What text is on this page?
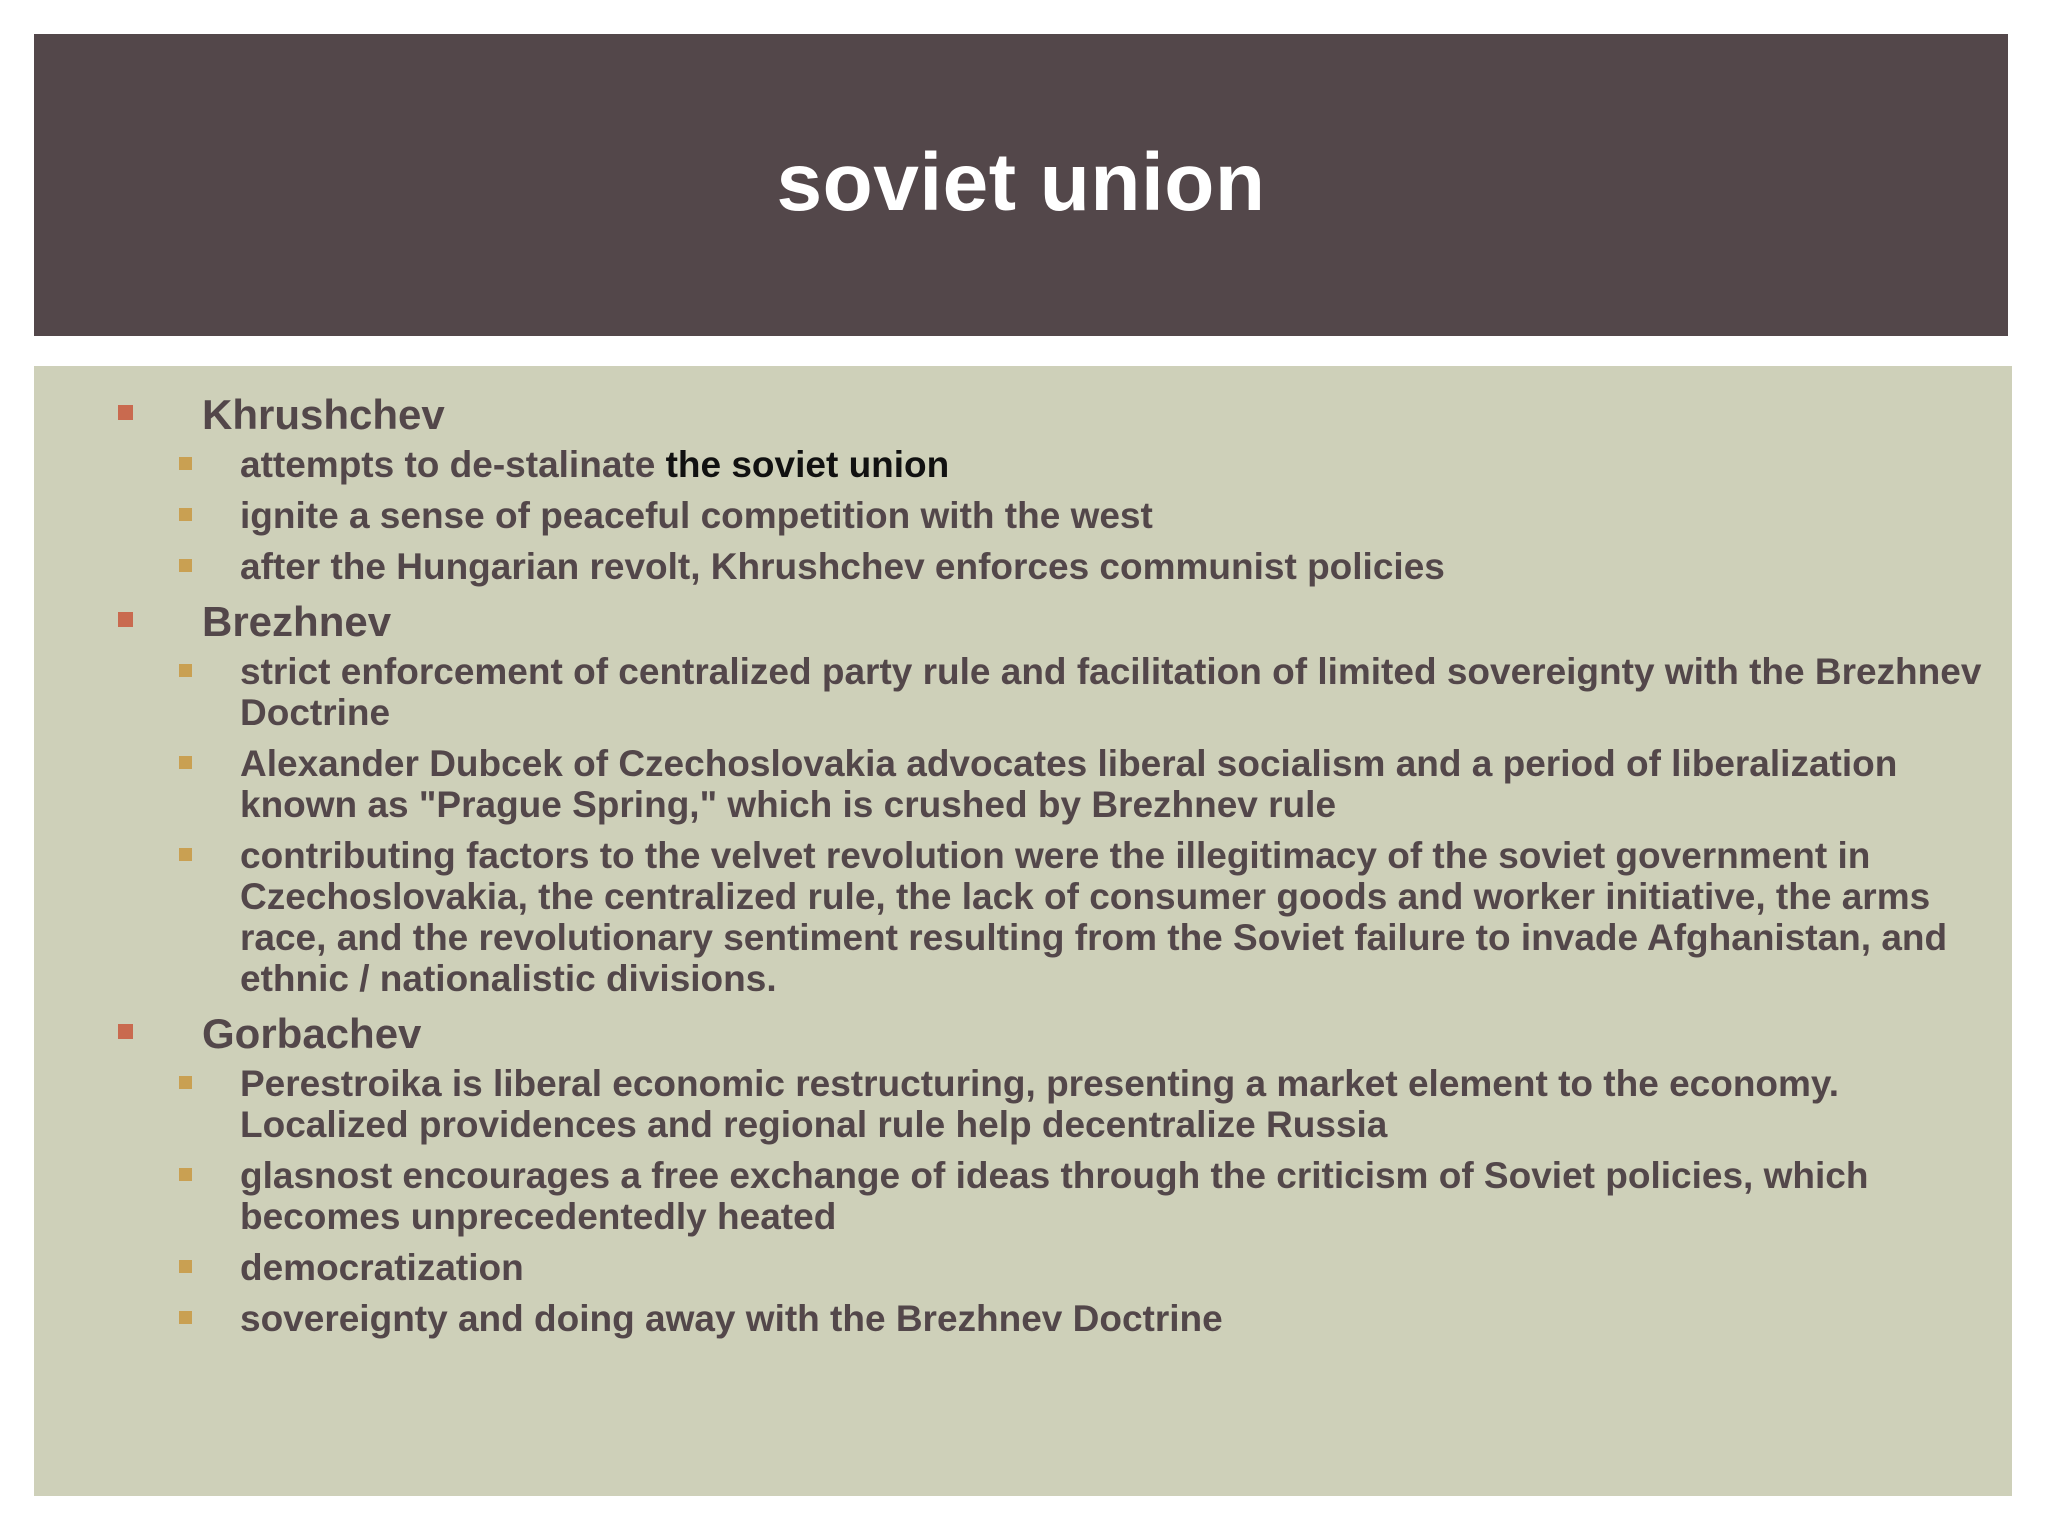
soviet union
Khrushchev
attempts to de-stalinate the soviet union
ignite a sense of peaceful competition with the west
after the Hungarian revolt, Khrushchev enforces communist policies
Brezhnev
strict enforcement of centralized party rule and facilitation of limited sovereignty with the Brezhnev Doctrine
Alexander Dubcek of Czechoslovakia advocates liberal socialism and a period of liberalization known as "Prague Spring," which is crushed by Brezhnev rule
contributing factors to the velvet revolution were the illegitimacy of the soviet government in Czechoslovakia, the centralized rule, the lack of consumer goods and worker initiative, the arms race, and the revolutionary sentiment resulting from the Soviet failure to invade Afghanistan, and ethnic / nationalistic divisions.
Gorbachev
Perestroika is liberal economic restructuring, presenting a market element to the economy. Localized providences and regional rule help decentralize Russia
glasnost encourages a free exchange of ideas through the criticism of Soviet policies, which becomes unprecedentedly heated
democratization
sovereignty and doing away with the Brezhnev Doctrine
